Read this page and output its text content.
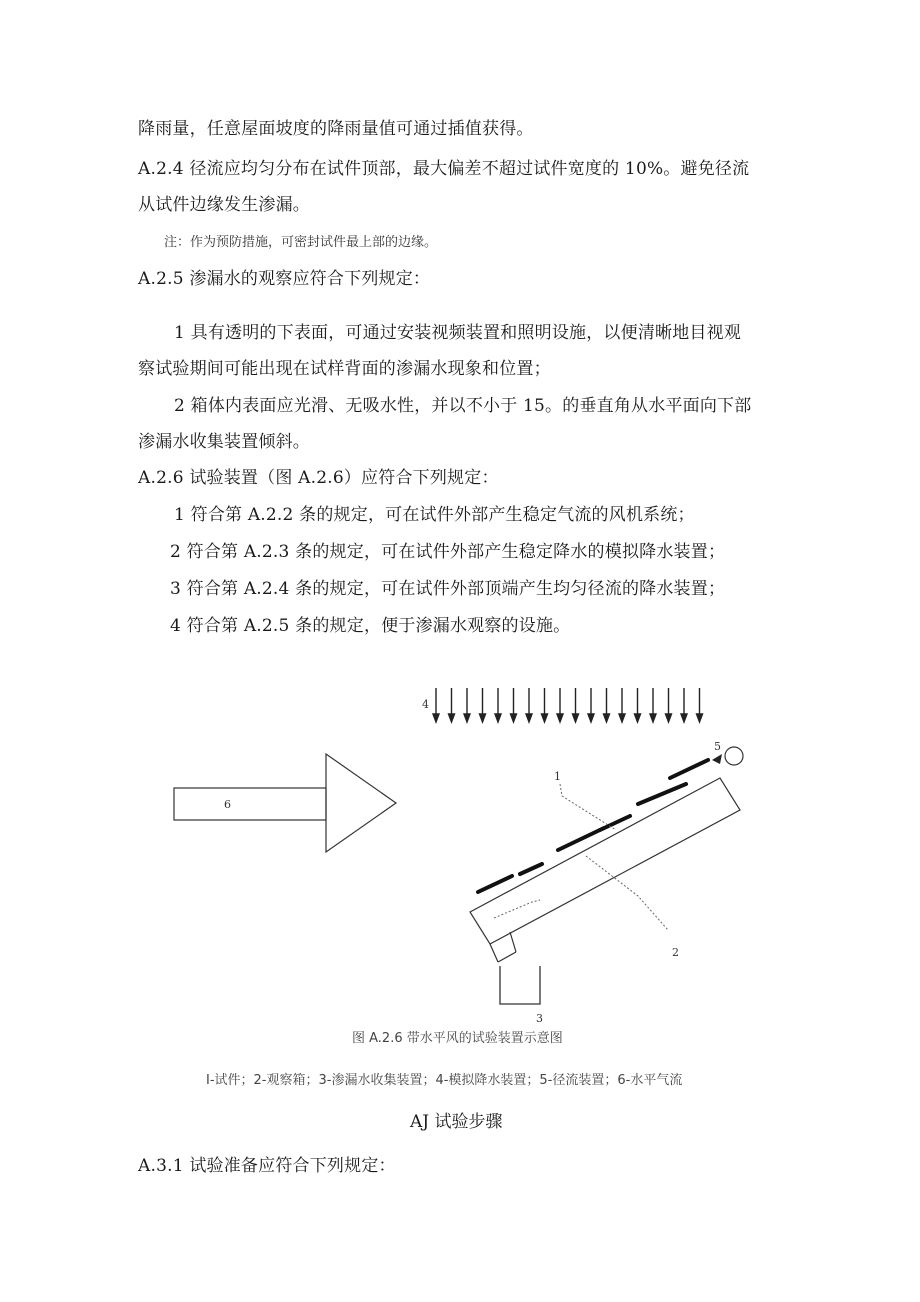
降雨量，任意屋面坡度的降雨量值可通过插值获得。
A.2.4 径流应均匀分布在试件顶部，最大偏差不超过试件宽度的 10%。避免径流
从试件边缘发生渗漏。
注：作为预防措施，可密封试件最上部的边缘。
A.2.5 渗漏水的观察应符合下列规定：
1 具有透明的下表面，可通过安装视频装置和照明设施，以便清晰地目视观
察试验期间可能出现在试样背面的渗漏水现象和位置；
2 箱体内表面应光滑、无吸水性，并以不小于 15。的垂直角从水平面向下部
渗漏水收集装置倾斜。
A.2.6 试验装置（图 A.2.6）应符合下列规定：
1 符合第 A.2.2 条的规定，可在试件外部产生稳定气流的风机系统；
2 符合第 A.2.3 条的规定，可在试件外部产生稳定降水的模拟降水装置；
3 符合第 A.2.4 条的规定，可在试件外部顶端产生均匀径流的降水装置；
4 符合第 A.2.5 条的规定，便于渗漏水观察的设施。
4
6
5
1
2
3
图 A.2.6 带水平风的试验装置示意图
I-试件；2-观察箱；3-渗漏水收集装置；4-模拟降水装置；5-径流装置；6-水平气流
AJ 试验步骤
A.3.1 试验准备应符合下列规定：
